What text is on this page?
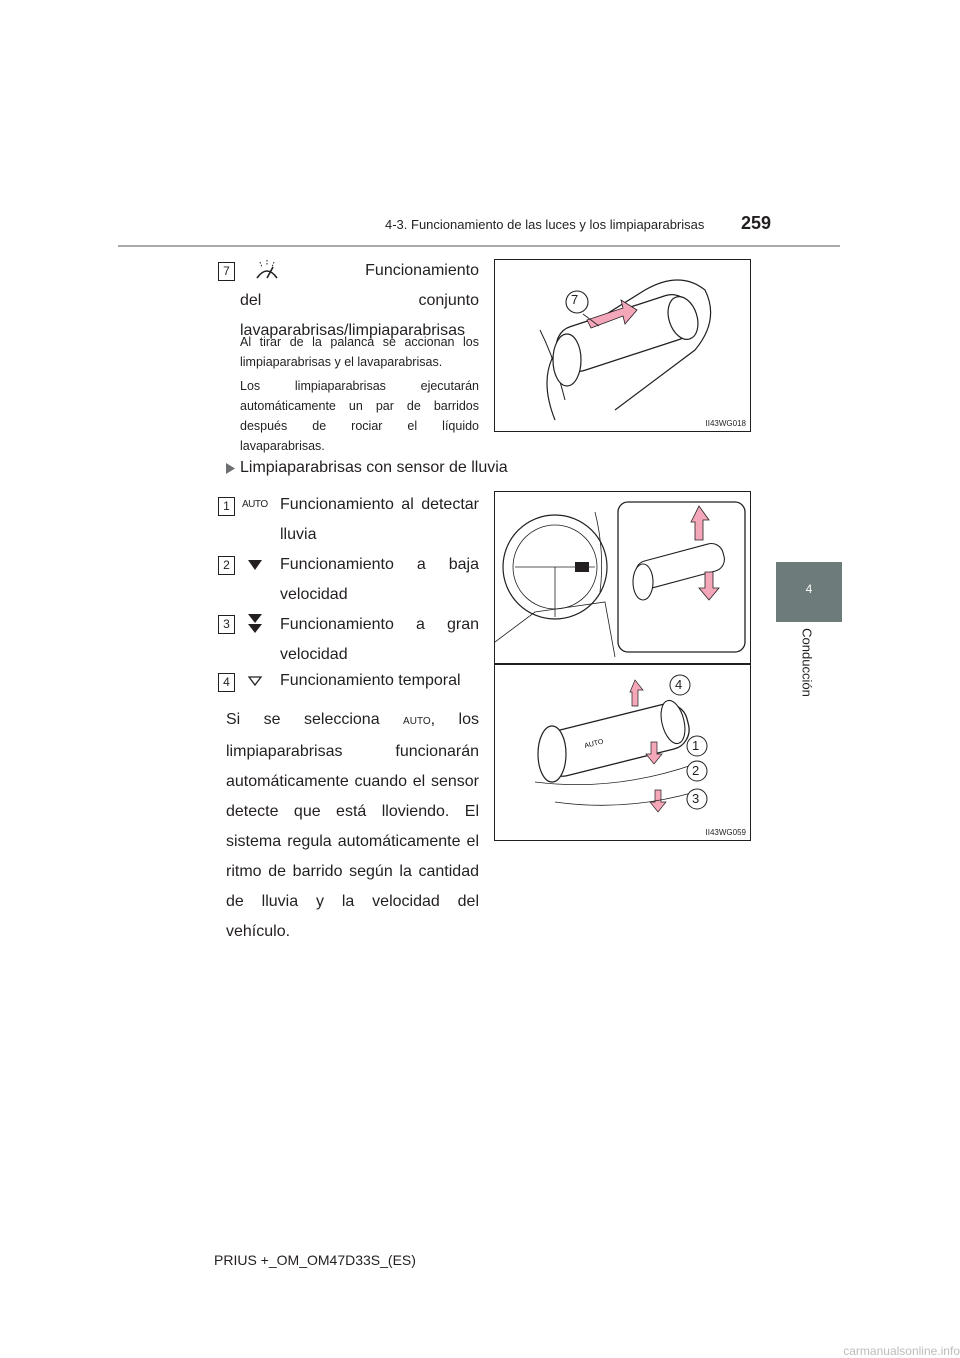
4-3. Funcionamiento de las luces y los limpiaparabrisas 259
4
Conducción
7	Funcionamiento conjunto
del lavaparabrisas/limpiaparabrisas
Al tirar de la palanca se accionan los limpiaparabrisas y el lavaparabrisas.
Los limpiaparabrisas ejecutarán automáticamente un par de barridos después de rociar el líquido lavaparabrisas.
7
II43WG018
Limpiaparabrisas con sensor de lluvia
1	AUTO Funcionamiento al detectar lluvia
2	Funcionamiento a baja velocidad
3	Funcionamiento a gran velocidad
4	Funcionamiento temporal
Si se selecciona AUTO, los limpiaparabrisas funcionarán automáticamente cuando el sensor detecte que está lloviendo. El sistema regula automáticamente el ritmo de barrido según la cantidad de lluvia y la velocidad del vehículo.
AUTO
4
1
2
3
II43WG059
PRIUS +_OM_OM47D33S_(ES)
carmanualsonline.info
